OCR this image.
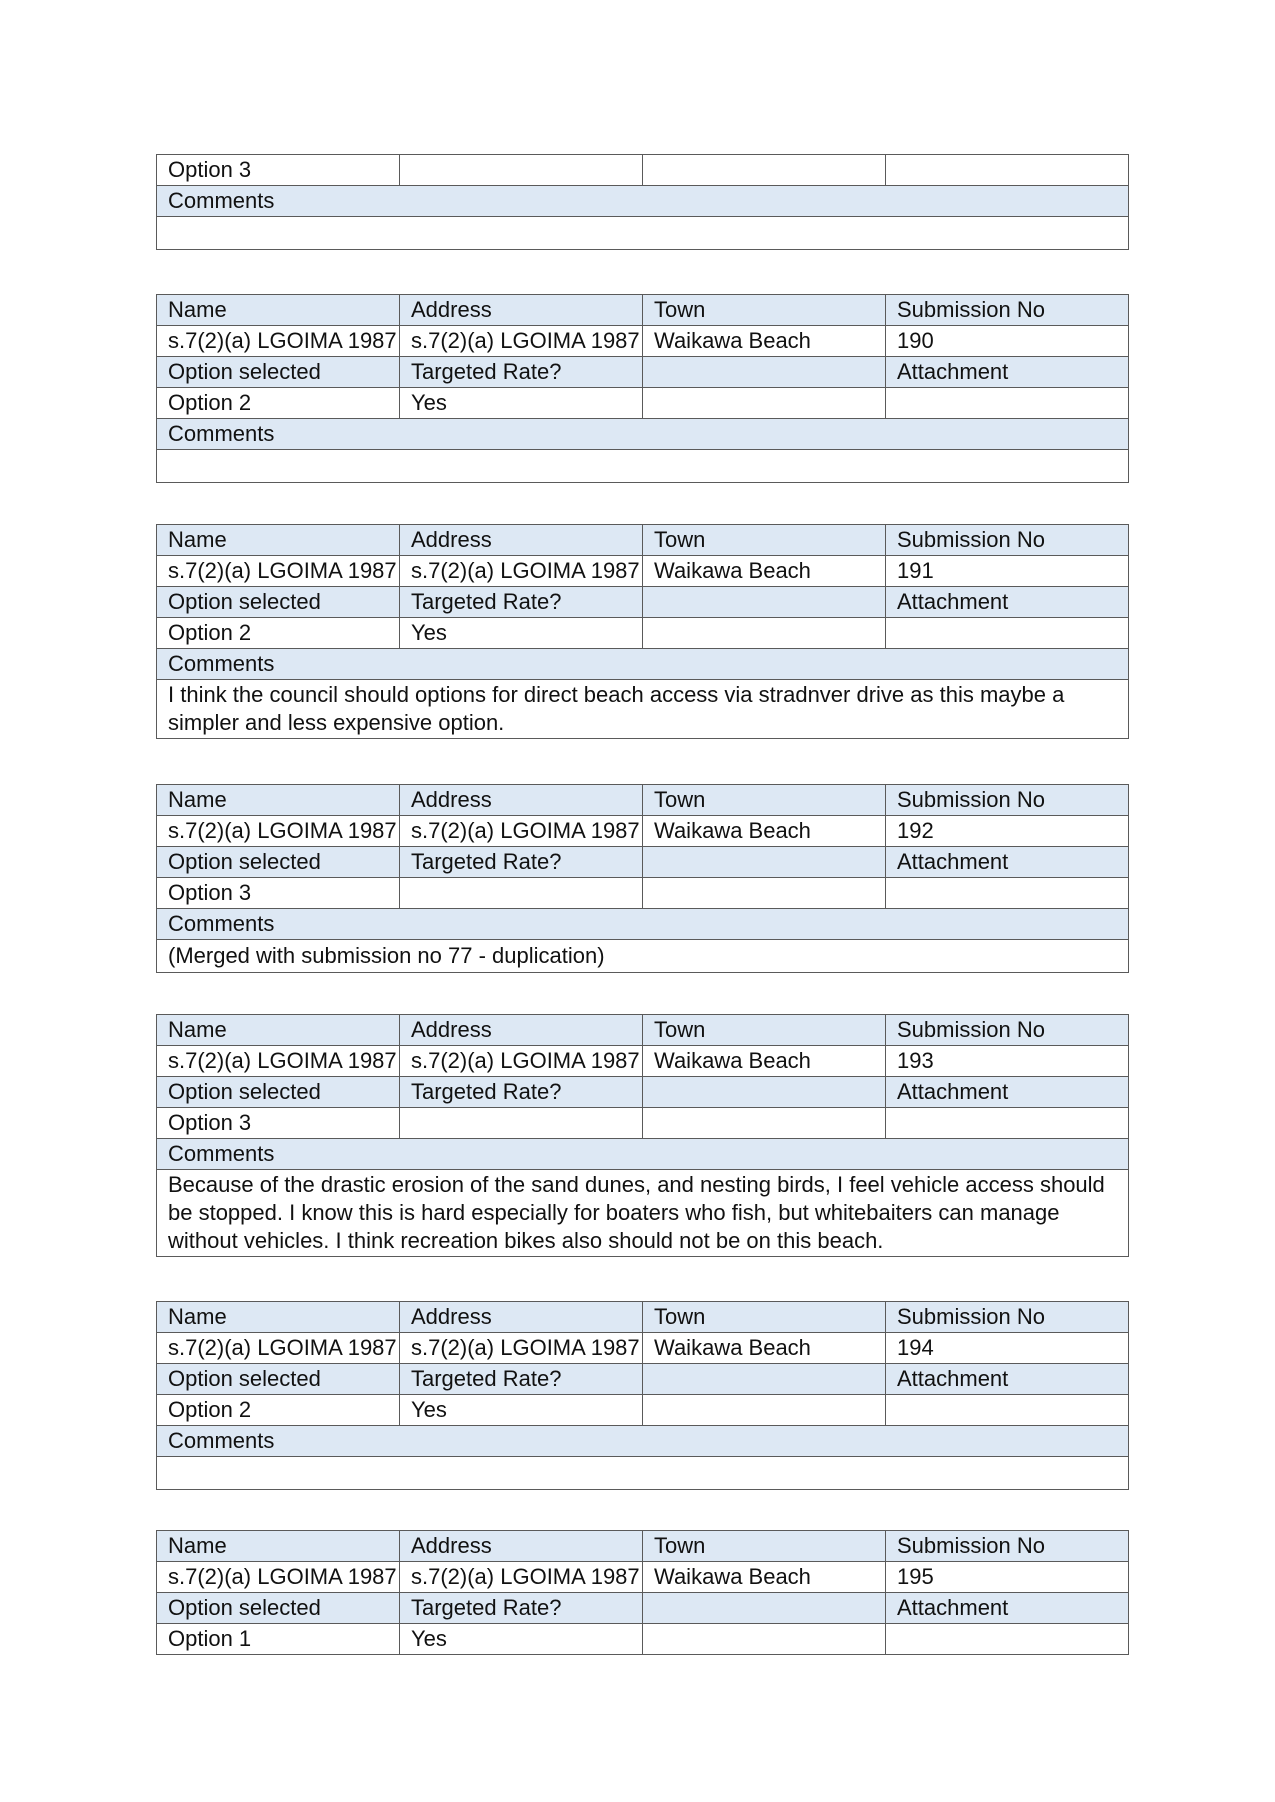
Option 3			
Comments

Name	Address	Town	Submission No
s.7(2)(a) LGOIMA 1987	s.7(2)(a) LGOIMA 1987	Waikawa Beach	190
Option selected	Targeted Rate?		Attachment
Option 2	Yes		
Comments			

Name	Address	Town	Submission No
s.7(2)(a) LGOIMA 1987	s.7(2)(a) LGOIMA 1987	Waikawa Beach	191
Option selected	Targeted Rate?		Attachment
Option 2	Yes		
Comments			
I think the council should options for direct beach access via stradnver drive as this maybe a simpler and less expensive option.			
Name	Address	Town	Submission No
s.7(2)(a) LGOIMA 1987	s.7(2)(a) LGOIMA 1987	Waikawa Beach	192
Option selected	Targeted Rate?		Attachment
Option 3			
Comments			
(Merged with submission no 77 - duplication)			
Name	Address	Town	Submission No
s.7(2)(a) LGOIMA 1987	s.7(2)(a) LGOIMA 1987	Waikawa Beach	193
Option selected	Targeted Rate?		Attachment
Option 3			
Comments			
Because of the drastic erosion of the sand dunes, and nesting birds, I feel vehicle access should be stopped. I know this is hard especially for boaters who fish, but whitebaiters can manage without vehicles. I think recreation bikes also should not be on this beach.			
Name	Address	Town	Submission No
s.7(2)(a) LGOIMA 1987	s.7(2)(a) LGOIMA 1987	Waikawa Beach	194
Option selected	Targeted Rate?		Attachment
Option 2	Yes		
Comments			

Name	Address	Town	Submission No
s.7(2)(a) LGOIMA 1987	s.7(2)(a) LGOIMA 1987	Waikawa Beach	195
Option selected	Targeted Rate?		Attachment
Option 1	Yes		
